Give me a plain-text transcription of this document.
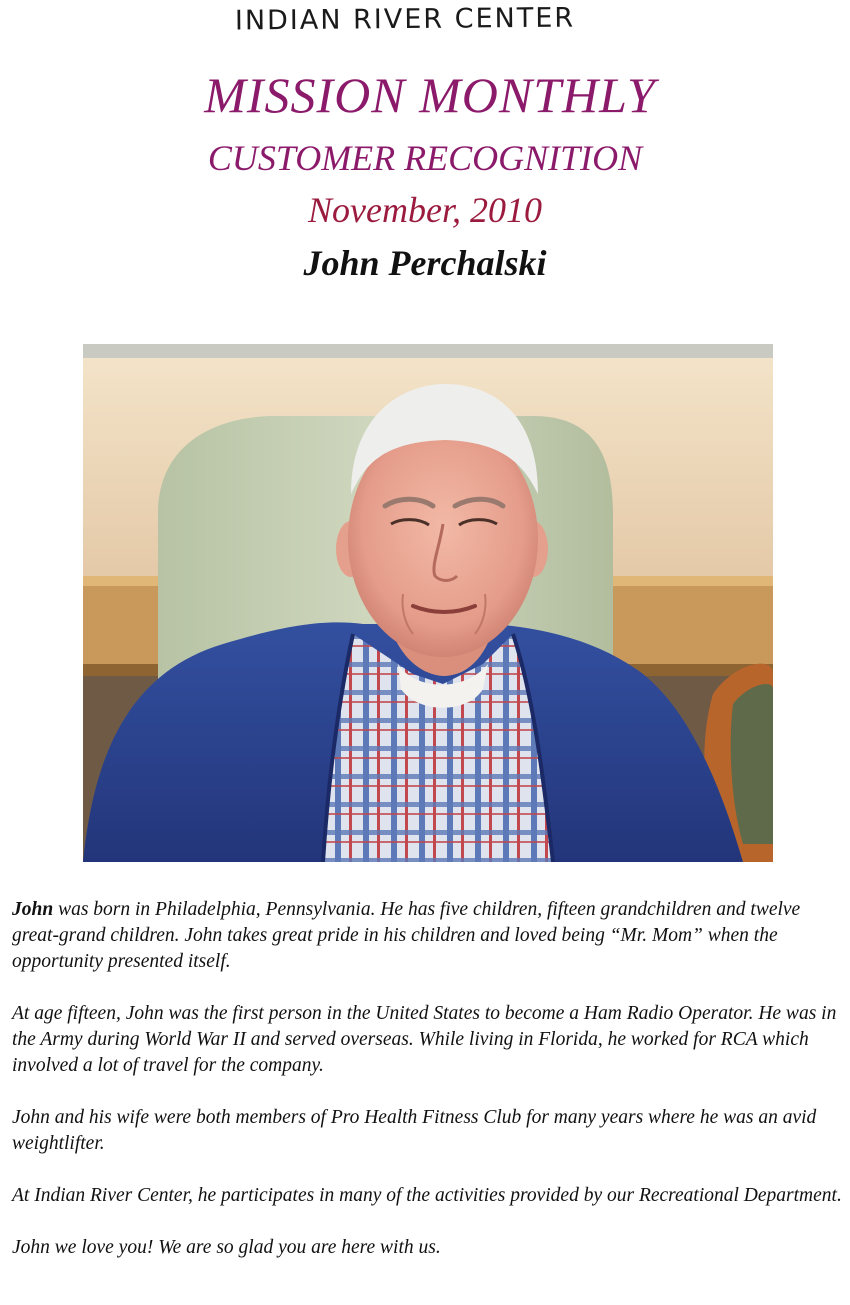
INDIAN RIVER CENTER
MISSION MONTHLY
CUSTOMER RECOGNITION
November, 2010
John Perchalski

John was born in Philadelphia, Pennsylvania. He has five children, fifteen grandchildren and twelve great-grand children. John takes great pride in his children and loved being “Mr. Mom” when the opportunity presented itself.

At age fifteen, John was the first person in the United States to become a Ham Radio Operator. He was in the Army during World War II and served overseas. While living in Florida, he worked for RCA which involved a lot of travel for the company.

John and his wife were both members of Pro Health Fitness Club for many years where he was an avid weightlifter.

At Indian River Center, he participates in many of the activities provided by our Recreational Department.

John we love you! We are so glad you are here with us.
